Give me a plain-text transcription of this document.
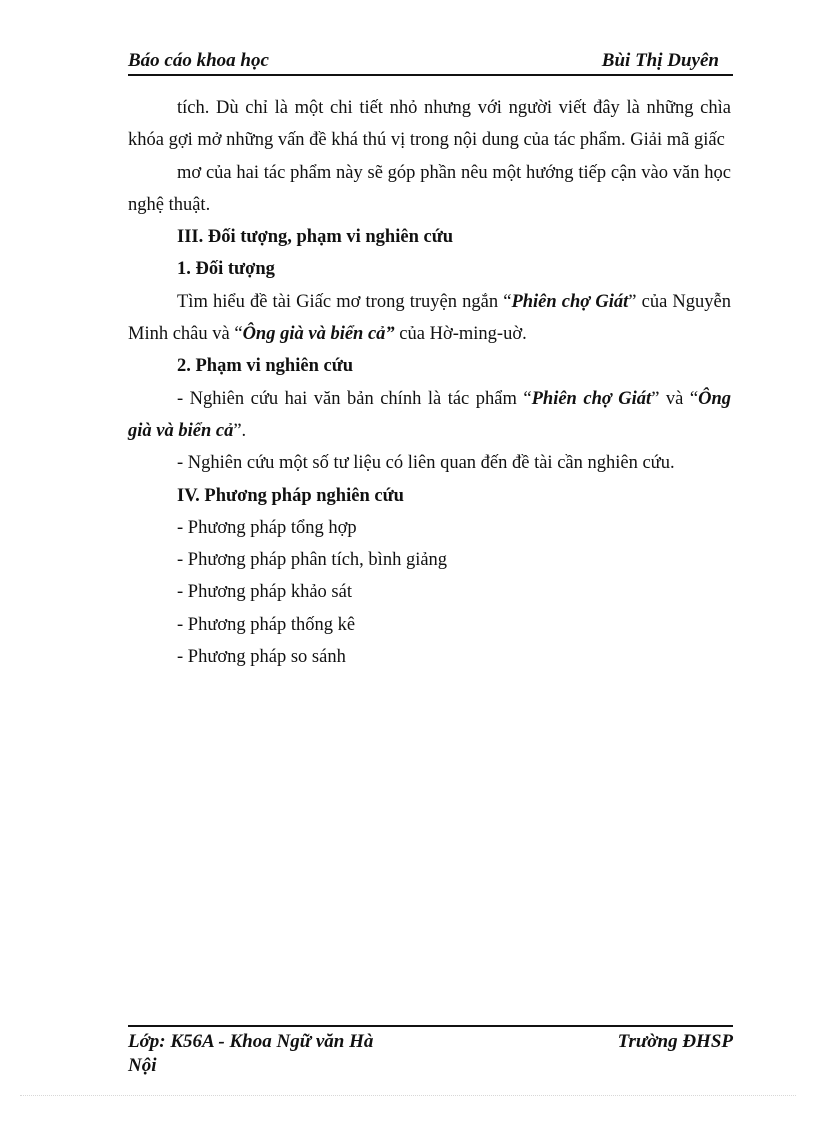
Báo cáo khoa học	Bùi Thị Duyên

tích. Dù chỉ là một chi tiết nhỏ nhưng với người viết đây là những chìa khóa gợi mở những vấn đề khá thú vị trong nội dung của tác phẩm. Giải mã giấc

mơ của hai tác phẩm này sẽ góp phần nêu một hướng tiếp cận vào văn học nghệ thuật.

III. Đối tượng, phạm vi nghiên cứu

1. Đối tượng

Tìm hiểu đề tài Giấc mơ trong truyện ngắn “Phiên chợ Giát” của Nguyễn Minh châu và “Ông già và biển cả” của Hờ-ming-uờ.

2. Phạm vi nghiên cứu

- Nghiên cứu hai văn bản chính là tác phẩm “Phiên chợ Giát” và “Ông già và biển cả”.

- Nghiên cứu một số tư liệu có liên quan đến đề tài cần nghiên cứu.

IV. Phương pháp nghiên cứu

- Phương pháp tổng hợp

- Phương pháp phân tích, bình giảng

- Phương pháp khảo sát

- Phương pháp thống kê

- Phương pháp so sánh

Lớp: K56A - Khoa Ngữ văn Hà Nội
Trường ĐHSP
